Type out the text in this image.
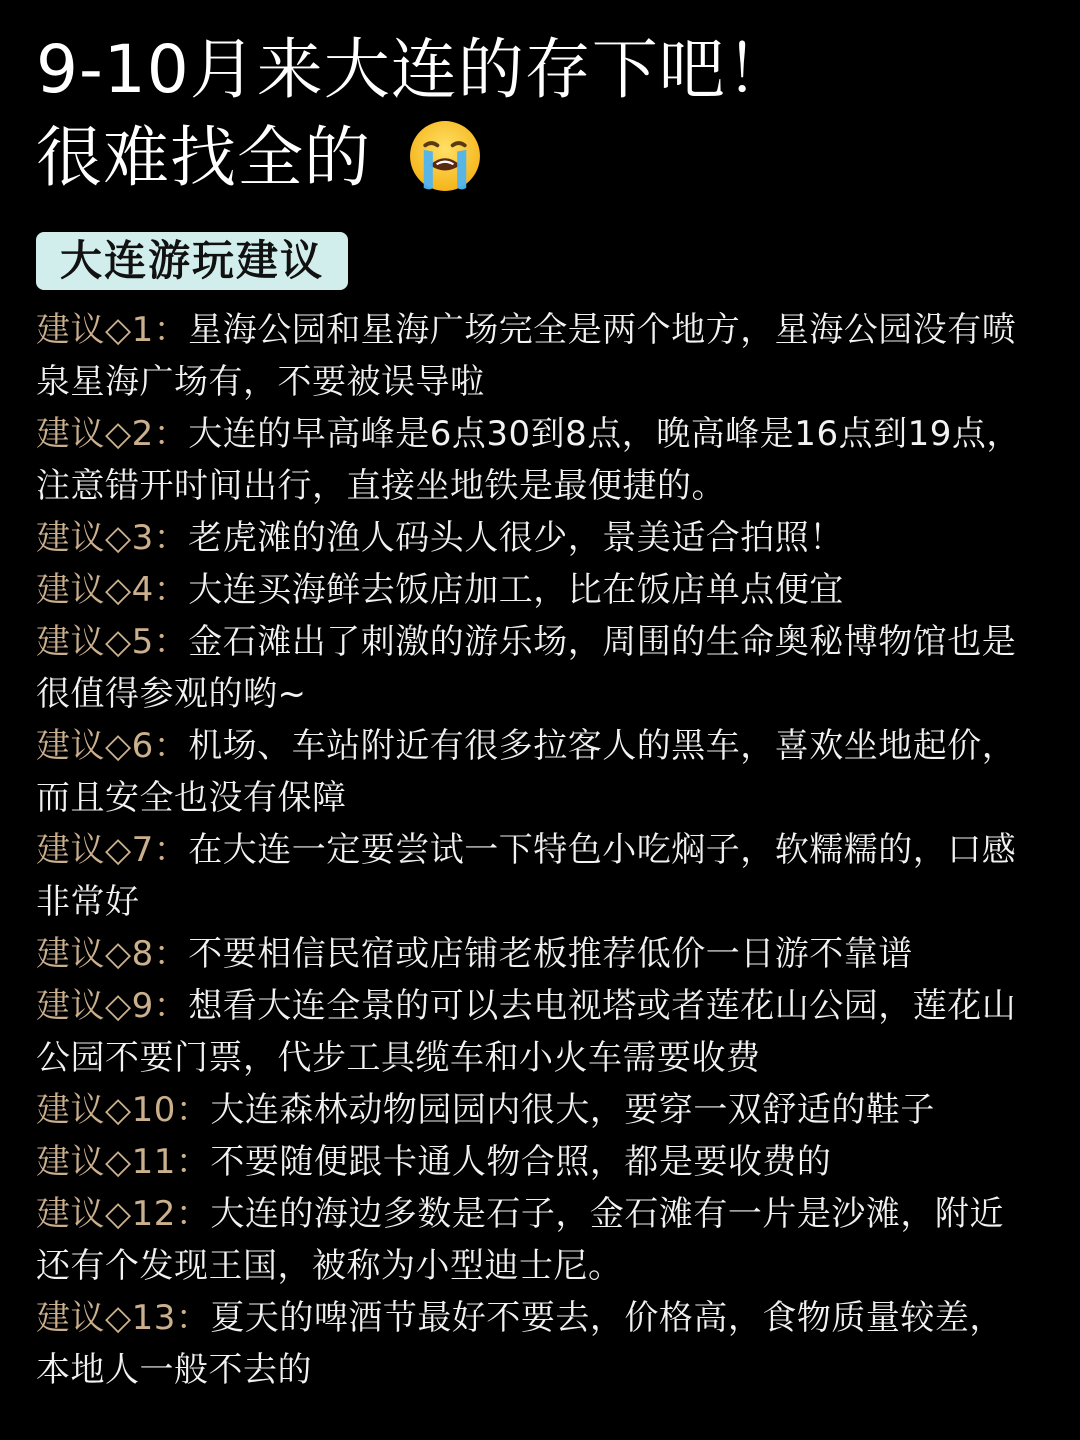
9-10月来大连的存下吧！
很难找全的
大连游玩建议

建议◇1：星海公园和星海广场完全是两个地方，星海公园没有喷泉星海广场有，不要被误导啦

建议◇2：大连的早高峰是6点30到8点，晚高峰是16点到19点，注意错开时间出行，直接坐地铁是最便捷的。

建议◇3：老虎滩的渔人码头人很少，景美适合拍照！

建议◇4：大连买海鲜去饭店加工，比在饭店单点便宜

建议◇5：金石滩出了刺激的游乐场，周围的生命奥秘博物馆也是很值得参观的哟~

建议◇6：机场、车站附近有很多拉客人的黑车，喜欢坐地起价，而且安全也没有保障

建议◇7：在大连一定要尝试一下特色小吃焖子，软糯糯的，口感非常好

建议◇8：不要相信民宿或店铺老板推荐低价一日游不靠谱

建议◇9：想看大连全景的可以去电视塔或者莲花山公园，莲花山公园不要门票，代步工具缆车和小火车需要收费

建议◇10：大连森林动物园园内很大，要穿一双舒适的鞋子

建议◇11：不要随便跟卡通人物合照，都是要收费的

建议◇12：大连的海边多数是石子，金石滩有一片是沙滩，附近还有个发现王国，被称为小型迪士尼。

建议◇13：夏天的啤酒节最好不要去，价格高，食物质量较差，本地人一般不去的
